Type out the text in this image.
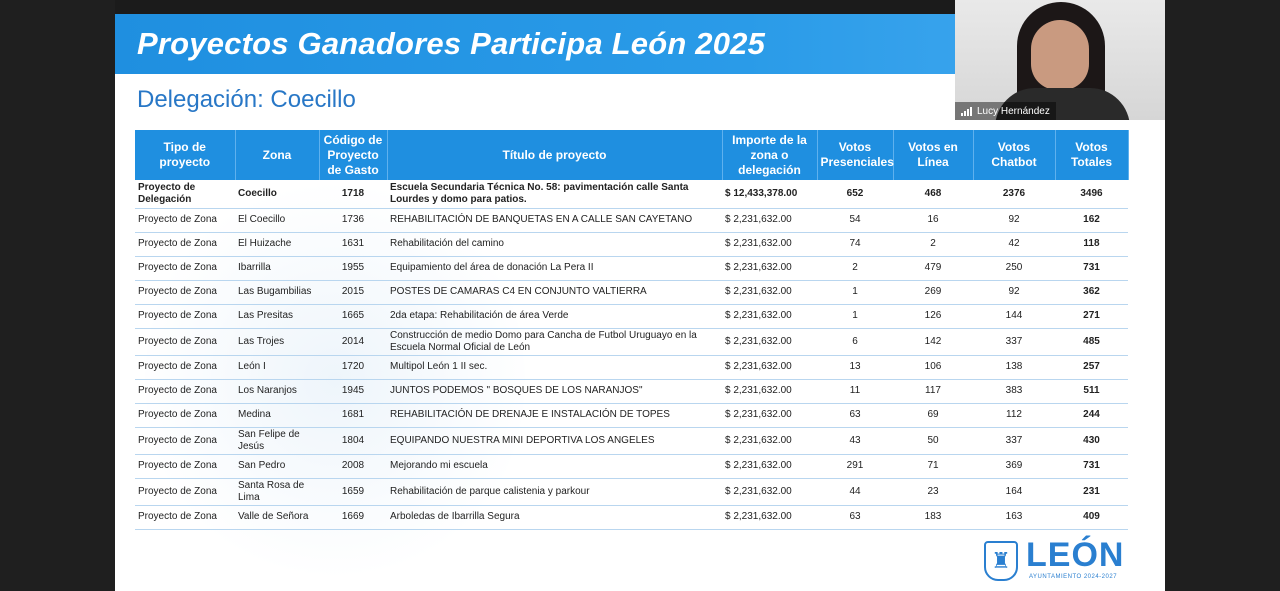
Proyectos Ganadores Participa León 2025
Delegación: Coecillo
Tipo de proyecto	Zona	Código de Proyecto de Gasto	Título de proyecto	Importe de la zona o delegación	Votos Presenciales	Votos en Línea	Votos Chatbot	Votos Totales
Proyecto de Delegación	Coecillo	1718	Escuela Secundaria Técnica No. 58: pavimentación calle Santa Lourdes y domo para patios.	$ 12,433,378.00	652	468	2376	3496
Proyecto de Zona	El Coecillo	1736	REHABILITACIÓN DE BANQUETAS EN A CALLE SAN CAYETANO	$ 2,231,632.00	54	16	92	162
Proyecto de Zona	El Huizache	1631	Rehabilitación del camino	$ 2,231,632.00	74	2	42	118
Proyecto de Zona	Ibarrilla	1955	Equipamiento del área de donación La Pera II	$ 2,231,632.00	2	479	250	731
Proyecto de Zona	Las Bugambilias	2015	POSTES DE CAMARAS C4 EN CONJUNTO VALTIERRA	$ 2,231,632.00	1	269	92	362
Proyecto de Zona	Las Presitas	1665	2da etapa: Rehabilitación de área Verde	$ 2,231,632.00	1	126	144	271
Proyecto de Zona	Las Trojes	2014	Construcción de medio Domo para Cancha de Futbol Uruguayo en la Escuela Normal Oficial de León	$ 2,231,632.00	6	142	337	485
Proyecto de Zona	León I	1720	Multipol León 1 II sec.	$ 2,231,632.00	13	106	138	257
Proyecto de Zona	Los Naranjos	1945	JUNTOS PODEMOS " BOSQUES DE LOS NARANJOS"	$ 2,231,632.00	11	117	383	511
Proyecto de Zona	Medina	1681	REHABILITACIÓN DE DRENAJE E INSTALACIÓN DE TOPES	$ 2,231,632.00	63	69	112	244
Proyecto de Zona	San Felipe de Jesús	1804	EQUIPANDO NUESTRA MINI DEPORTIVA LOS ANGELES	$ 2,231,632.00	43	50	337	430
Proyecto de Zona	San Pedro	2008	Mejorando mi escuela	$ 2,231,632.00	291	71	369	731
Proyecto de Zona	Santa Rosa de Lima	1659	Rehabilitación de parque calistenia y parkour	$ 2,231,632.00	44	23	164	231
Proyecto de Zona	Valle de Señora	1669	Arboledas de Ibarrilla Segura	$ 2,231,632.00	63	183	163	409
♜ LEÓN
AYUNTAMIENTO 2024-2027
Lucy Hernández
